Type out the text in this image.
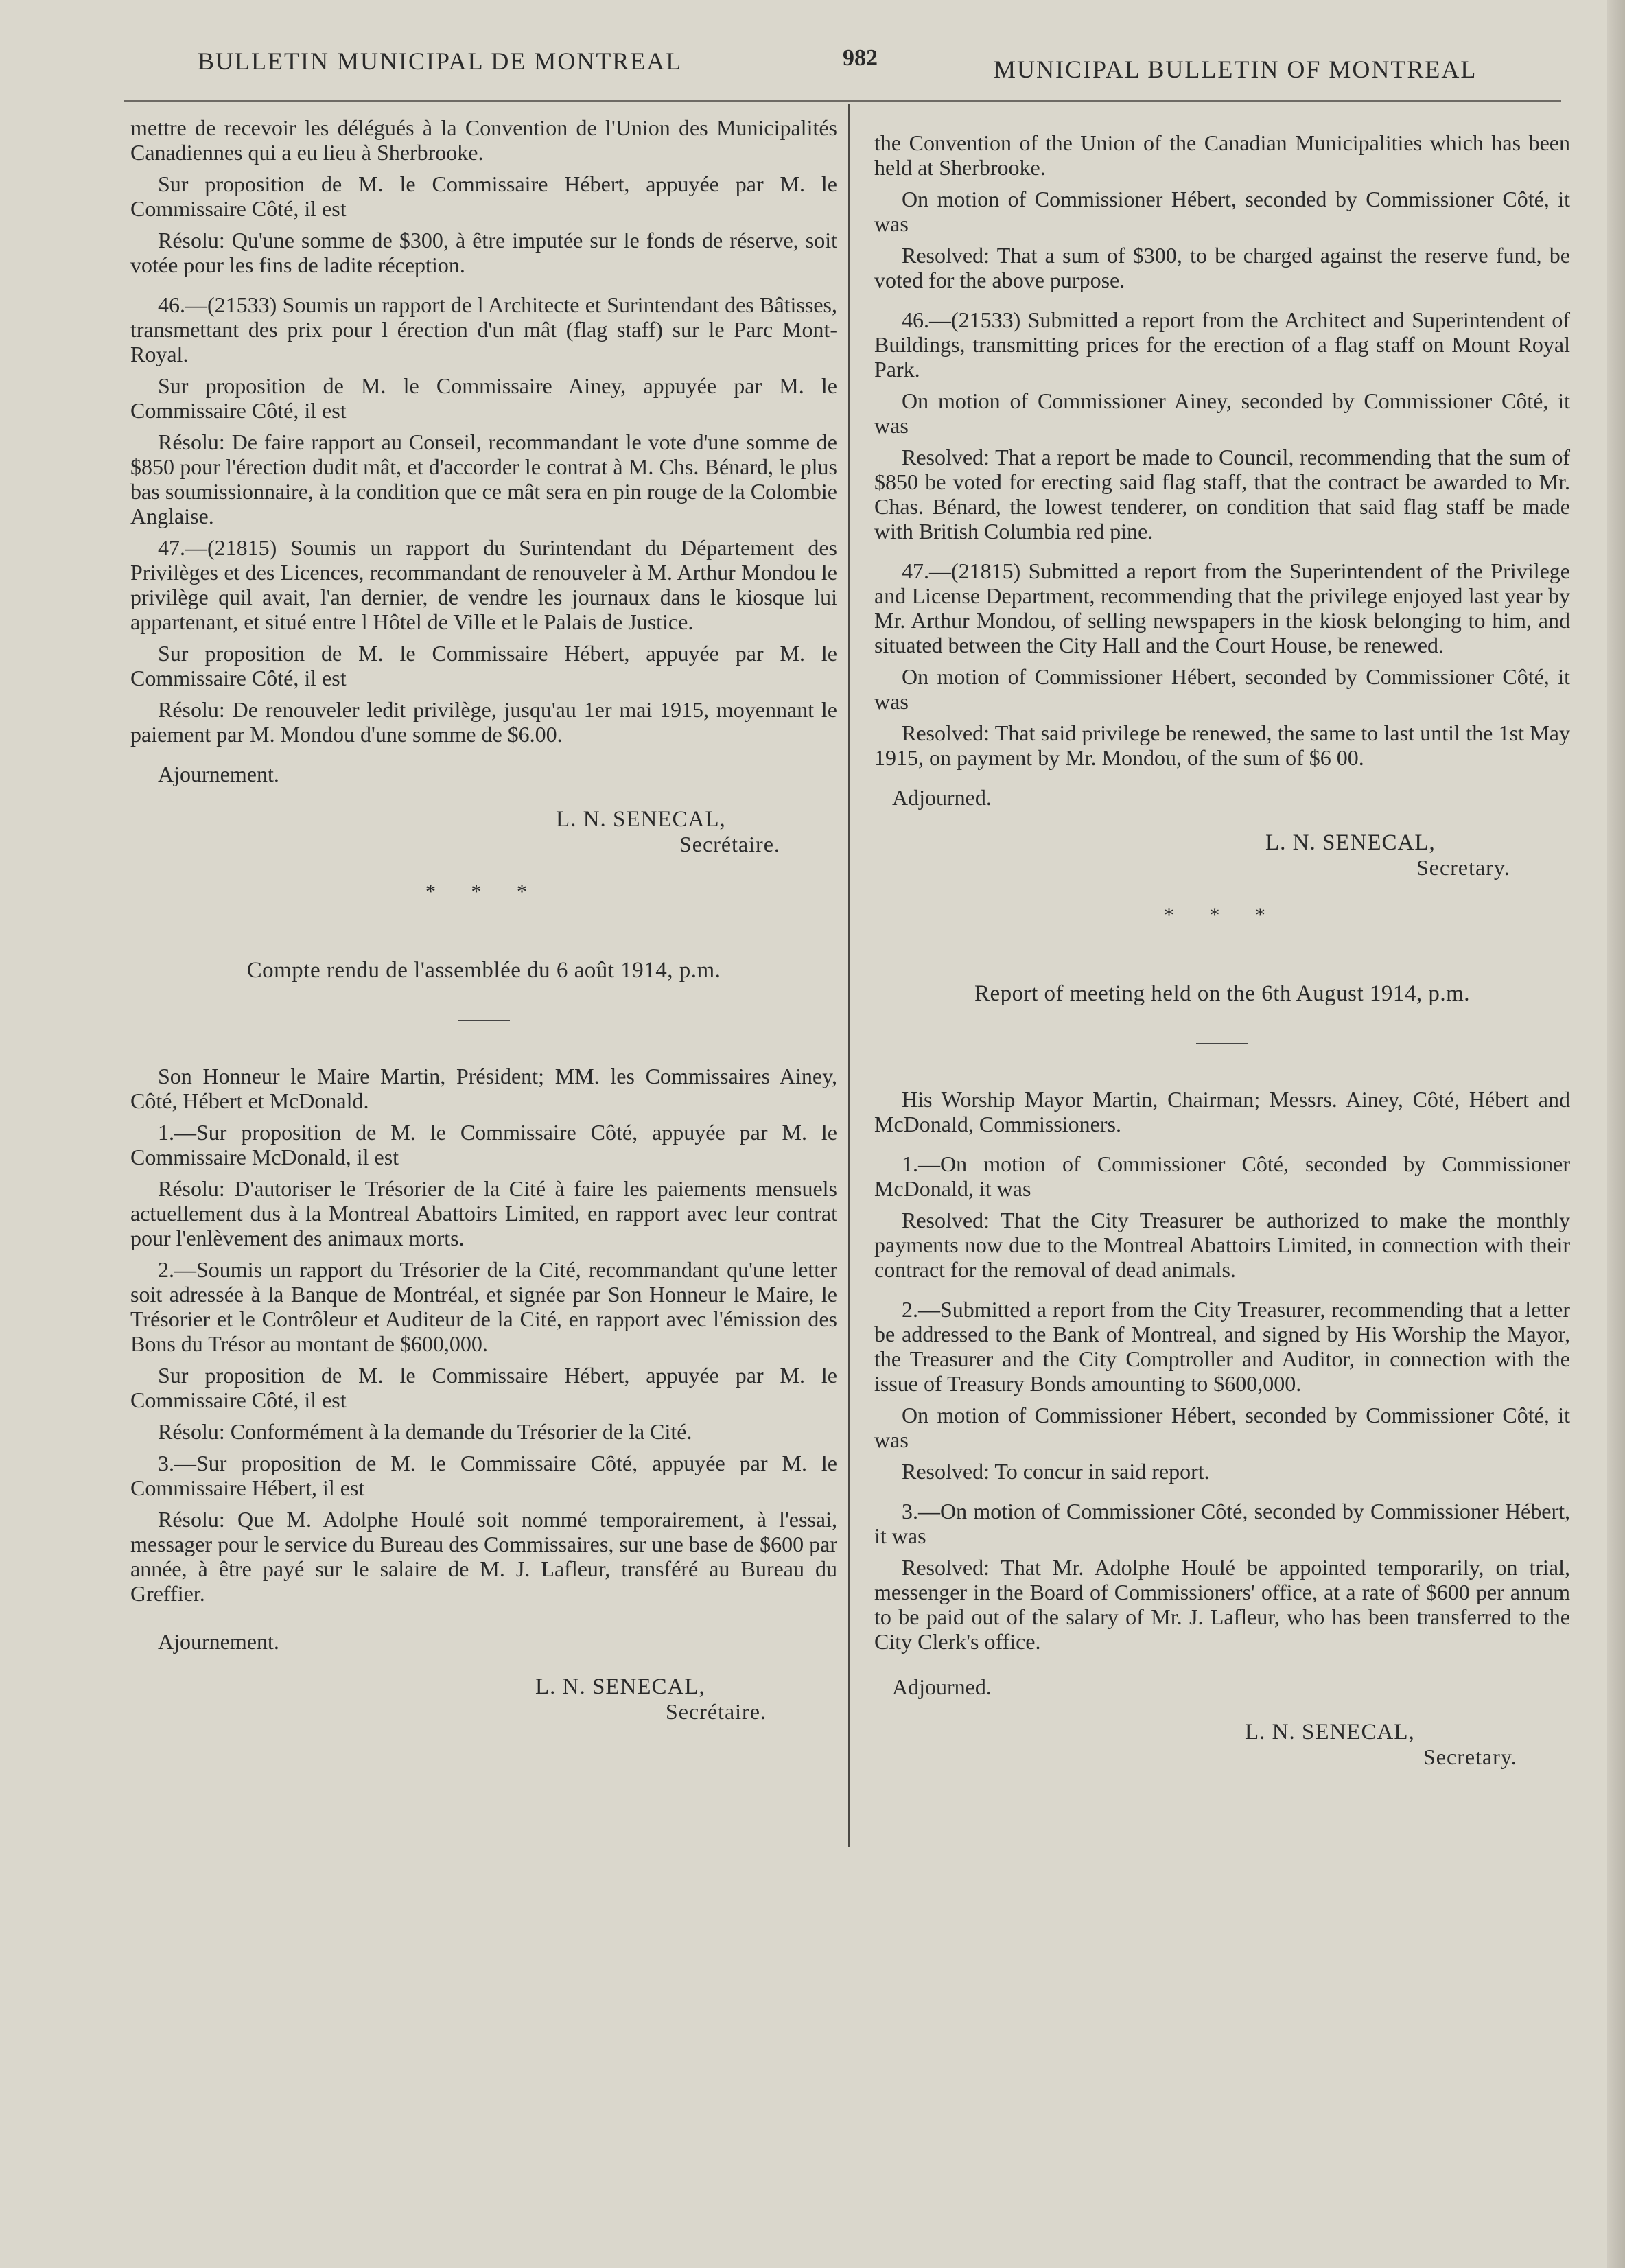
BULLETIN MUNICIPAL DE MONTREAL	982	MUNICIPAL BULLETIN OF MONTREAL

mettre de recevoir les délégués à la Convention de l'Union des Municipalités Canadiennes qui a eu lieu à Sherbrooke.

Sur proposition de M. le Commissaire Hébert, appuyée par M. le Commissaire Côté, il est

Résolu: Qu'une somme de $300, à être imputée sur le fonds de réserve, soit votée pour les fins de ladite réception.

46.—(21533) Soumis un rapport de l Architecte et Surintendant des Bâtisses, transmettant des prix pour l érection d'un mât (flag staff) sur le Parc Mont-Royal.

Sur proposition de M. le Commissaire Ainey, appuyée par M. le Commissaire Côté, il est

Résolu: De faire rapport au Conseil, recommandant le vote d'une somme de $850 pour l'érection dudit mât, et d'accorder le contrat à M. Chs. Bénard, le plus bas soumissionnaire, à la condition que ce mât sera en pin rouge de la Colombie Anglaise.

47.—(21815) Soumis un rapport du Surintendant du Département des Privilèges et des Licences, recommandant de renouveler à M. Arthur Mondou le privilège quil avait, l'an dernier, de vendre les journaux dans le kiosque lui appartenant, et situé entre l Hôtel de Ville et le Palais de Justice.

Sur proposition de M. le Commissaire Hébert, appuyée par M. le Commissaire Côté, il est

Résolu: De renouveler ledit privilège, jusqu'au 1er mai 1915, moyennant le paiement par M. Mondou d'une somme de $6.00.

Ajournement.
L. N. SENECAL,
Secrétaire.
* * *
Compte rendu de l'assemblée du 6 août 1914, p.m.

Son Honneur le Maire Martin, Président; MM. les Commissaires Ainey, Côté, Hébert et McDonald.

1.—Sur proposition de M. le Commissaire Côté, appuyée par M. le Commissaire McDonald, il est

Résolu: D'autoriser le Trésorier de la Cité à faire les paiements mensuels actuellement dus à la Montreal Abattoirs Limited, en rapport avec leur contrat pour l'enlèvement des animaux morts.

2.—Soumis un rapport du Trésorier de la Cité, recommandant qu'une letter soit adressée à la Banque de Montréal, et signée par Son Honneur le Maire, le Trésorier et le Contrôleur et Auditeur de la Cité, en rapport avec l'émission des Bons du Trésor au montant de $600,000.

Sur proposition de M. le Commissaire Hébert, appuyée par M. le Commissaire Côté, il est

Résolu: Conformément à la demande du Trésorier de la Cité.

3.—Sur proposition de M. le Commissaire Côté, appuyée par M. le Commissaire Hébert, il est

Résolu: Que M. Adolphe Houlé soit nommé temporairement, à l'essai, messager pour le service du Bureau des Commissaires, sur une base de $600 par année, à être payé sur le salaire de M. J. Lafleur, transféré au Bureau du Greffier.

Ajournement.
L. N. SENECAL,
Secrétaire.

the Convention of the Union of the Canadian Municipalities which has been held at Sherbrooke.

On motion of Commissioner Hébert, seconded by Commissioner Côté, it was

Resolved: That a sum of $300, to be charged against the reserve fund, be voted for the above purpose.

46.—(21533) Submitted a report from the Architect and Superintendent of Buildings, transmitting prices for the erection of a flag staff on Mount Royal Park.

On motion of Commissioner Ainey, seconded by Commissioner Côté, it was

Resolved: That a report be made to Council, recommending that the sum of $850 be voted for erecting said flag staff, that the contract be awarded to Mr. Chas. Bénard, the lowest tenderer, on condition that said flag staff be made with British Columbia red pine.

47.—(21815) Submitted a report from the Superintendent of the Privilege and License Department, recommending that the privilege enjoyed last year by Mr. Arthur Mondou, of selling newspapers in the kiosk belonging to him, and situated between the City Hall and the Court House, be renewed.

On motion of Commissioner Hébert, seconded by Commissioner Côté, it was

Resolved: That said privilege be renewed, the same to last until the 1st May 1915, on payment by Mr. Mondou, of the sum of $6 00.

Adjourned.
L. N. SENECAL,
Secretary.
* * *
Report of meeting held on the 6th August 1914, p.m.

His Worship Mayor Martin, Chairman; Messrs. Ainey, Côté, Hébert and McDonald, Commissioners.

1.—On motion of Commissioner Côté, seconded by Commissioner McDonald, it was

Resolved: That the City Treasurer be authorized to make the monthly payments now due to the Montreal Abattoirs Limited, in connection with their contract for the removal of dead animals.

2.—Submitted a report from the City Treasurer, recommending that a letter be addressed to the Bank of Montreal, and signed by His Worship the Mayor, the Treasurer and the City Comptroller and Auditor, in connection with the issue of Treasury Bonds amounting to $600,000.

On motion of Commissioner Hébert, seconded by Commissioner Côté, it was

Resolved: To concur in said report.

3.—On motion of Commissioner Côté, seconded by Commissioner Hébert, it was

Resolved: That Mr. Adolphe Houlé be appointed temporarily, on trial, messenger in the Board of Commissioners' office, at a rate of $600 per annum to be paid out of the salary of Mr. J. Lafleur, who has been transferred to the City Clerk's office.

Adjourned.
L. N. SENECAL,
Secretary.
